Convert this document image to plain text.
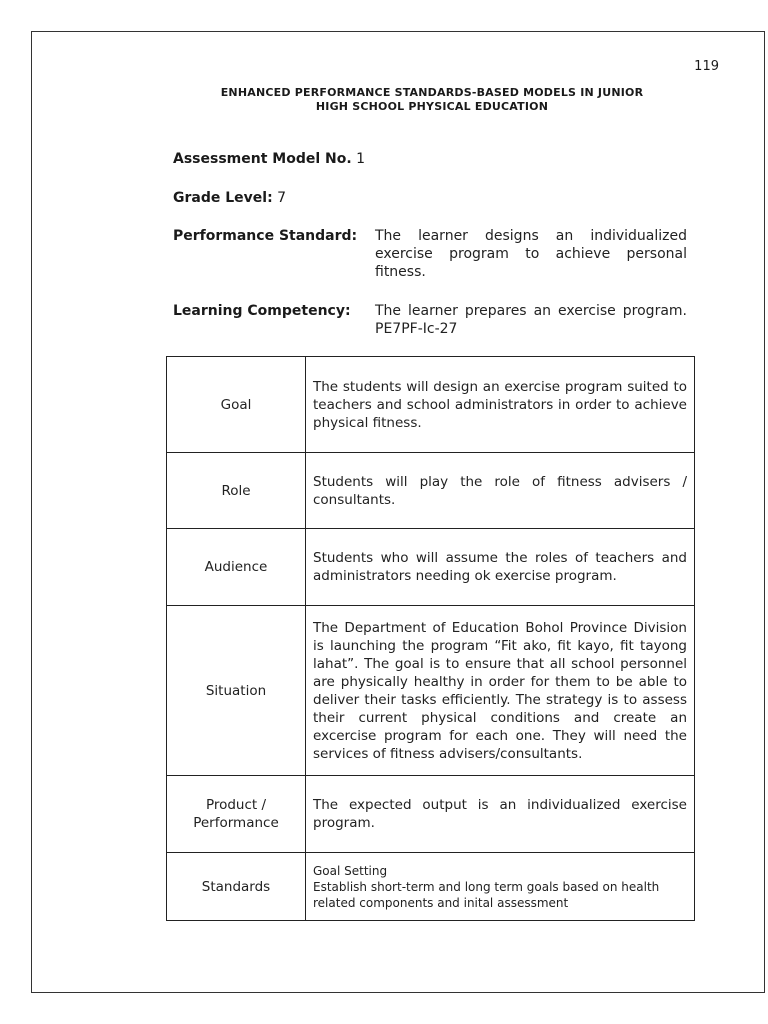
119
ENHANCED PERFORMANCE STANDARDS-BASED MODELS IN JUNIOR
HIGH SCHOOL PHYSICAL EDUCATION
Assessment Model No. 1
Grade Level: 7
Performance Standard: The learner designs an individualized exercise program to achieve personal fitness.
Learning Competency: The learner prepares an exercise program. PE7PF-Ic-27
Goal	The students will design an exercise program suited to teachers and school administrators in order to achieve physical fitness.
Role	Students will play the role of fitness advisers / consultants.
Audience	Students who will assume the roles of teachers and administrators needing ok exercise program.
Situation	The Department of Education Bohol Province Division is launching the program “Fit ako, fit kayo, fit tayong lahat”. The goal is to ensure that all school personnel are physically healthy in order for them to be able to deliver their tasks efficiently. The strategy is to assess their current physical conditions and create an excercise program for each one. They will need the services of fitness advisers/consultants.
Product / Performance	The expected output is an individualized exercise program.
Standards	Goal Setting
Establish short-term and long term goals based on health related components and inital assessment
